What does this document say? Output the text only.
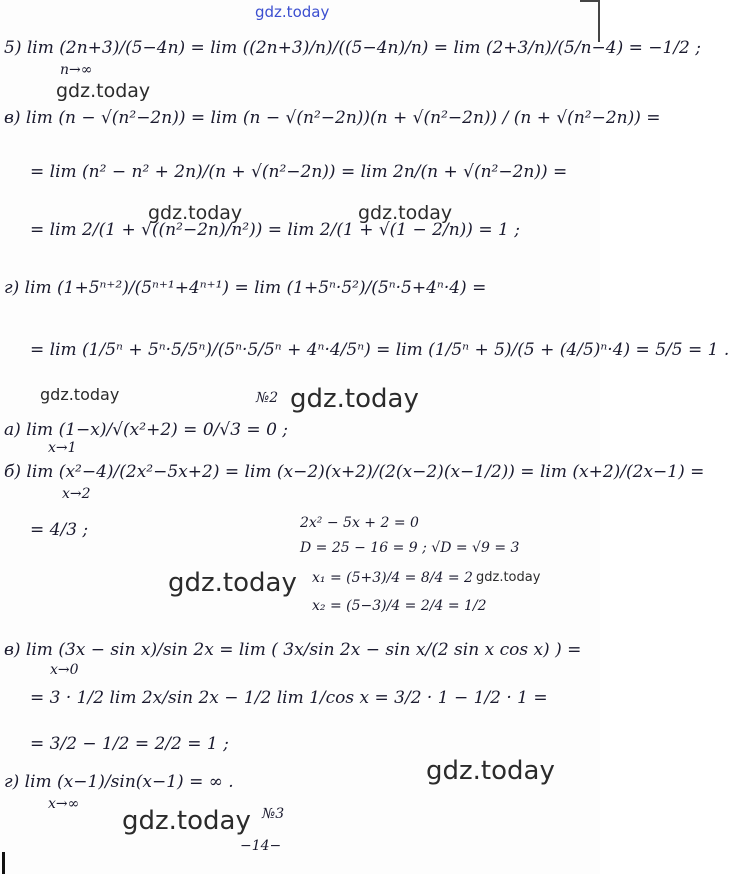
gdz.today
5) lim (2n+3)/(5−4n) = lim ((2n+3)/n)/((5−4n)/n) = lim (2+3/n)/(5/n−4) = −1/2 ;
n→∞
gdz.today
в) lim (n − √(n²−2n)) = lim (n − √(n²−2n))(n + √(n²−2n)) / (n + √(n²−2n)) =
= lim (n² − n² + 2n)/(n + √(n²−2n)) = lim 2n/(n + √(n²−2n)) =
= lim 2/(1 + √((n²−2n)/n²)) = lim 2/(1 + √(1 − 2/n)) = 1 ;
gdz.today	gdz.today
г) lim (1+5ⁿ⁺²)/(5ⁿ⁺¹+4ⁿ⁺¹) = lim (1+5ⁿ·5²)/(5ⁿ·5+4ⁿ·4) =
= lim (1/5ⁿ + 5ⁿ·5/5ⁿ)/(5ⁿ·5/5ⁿ + 4ⁿ·4/5ⁿ) = lim (1/5ⁿ + 5)/(5 + (4/5)ⁿ·4) = 5/5 = 1 .
gdz.today	№2 gdz.today
а) lim (1−x)/√(x²+2) = 0/√3 = 0 ;
x→1
б) lim (x²−4)/(2x²−5x+2) = lim (x−2)(x+2)/(2(x−2)(x−1/2)) = lim (x+2)/(2x−1) =
x→2
= 4/3 ;	2x² − 5x + 2 = 0
D = 25 − 16 = 9 ; √D = √9 = 3
gdz.today x₁ = (5+3)/4 = 8/4 = 2 gdz.today
x₂ = (5−3)/4 = 2/4 = 1/2
в) lim (3x − sin x)/sin 2x = lim ( 3x/sin 2x − sin x/(2 sin x cos x) ) =
x→0
= 3 · 1/2 lim 2x/sin 2x − 1/2 lim 1/cos x = 3/2 · 1 − 1/2 · 1 =
= 3/2 − 1/2 = 2/2 = 1 ;
г) lim (x−1)/sin(x−1) = ∞ .
x→∞
gdz.today
gdz.today №3
−14−
